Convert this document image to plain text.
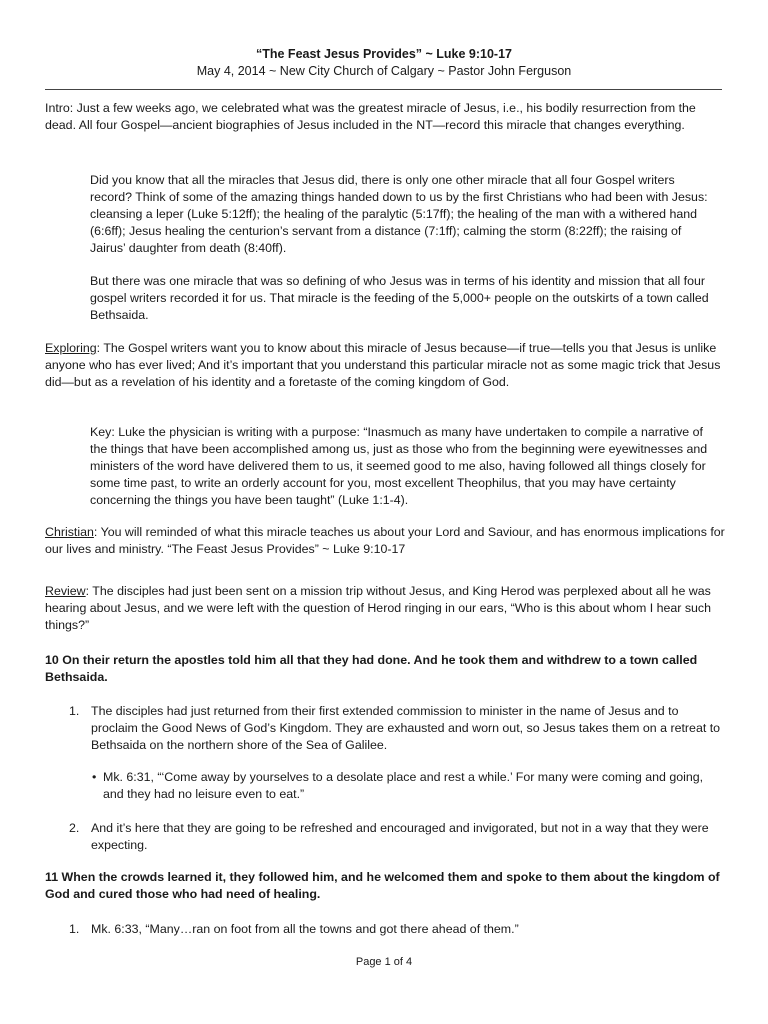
“The Feast Jesus Provides” ~ Luke 9:10-17
May 4, 2014 ~ New City Church of Calgary ~ Pastor John Ferguson
Intro: Just a few weeks ago, we celebrated what was the greatest miracle of Jesus, i.e., his bodily resurrection from the dead. All four Gospel—ancient biographies of Jesus included in the NT—record this miracle that changes everything.
Did you know that all the miracles that Jesus did, there is only one other miracle that all four Gospel writers record? Think of some of the amazing things handed down to us by the first Christians who had been with Jesus: cleansing a leper (Luke 5:12ff); the healing of the paralytic (5:17ff); the healing of the man with a withered hand (6:6ff); Jesus healing the centurion’s servant from a distance (7:1ff); calming the storm (8:22ff); the raising of Jairus’ daughter from death (8:40ff).
But there was one miracle that was so defining of who Jesus was in terms of his identity and mission that all four gospel writers recorded it for us. That miracle is the feeding of the 5,000+ people on the outskirts of a town called Bethsaida.
Exploring: The Gospel writers want you to know about this miracle of Jesus because—if true—tells you that Jesus is unlike anyone who has ever lived; And it’s important that you understand this particular miracle not as some magic trick that Jesus did—but as a revelation of his identity and a foretaste of the coming kingdom of God.
Key: Luke the physician is writing with a purpose: “Inasmuch as many have undertaken to compile a narrative of the things that have been accomplished among us, just as those who from the beginning were eyewitnesses and ministers of the word have delivered them to us, it seemed good to me also, having followed all things closely for some time past, to write an orderly account for you, most excellent Theophilus, that you may have certainty concerning the things you have been taught” (Luke 1:1-4).
Christian: You will reminded of what this miracle teaches us about your Lord and Saviour, and has enormous implications for our lives and ministry. “The Feast Jesus Provides” ~ Luke 9:10-17
Review: The disciples had just been sent on a mission trip without Jesus, and King Herod was perplexed about all he was hearing about Jesus, and we were left with the question of Herod ringing in our ears, “Who is this about whom I hear such things?”
10 On their return the apostles told him all that they had done. And he took them and withdrew to a town called Bethsaida.
1. The disciples had just returned from their first extended commission to minister in the name of Jesus and to proclaim the Good News of God’s Kingdom. They are exhausted and worn out, so Jesus takes them on a retreat to Bethsaida on the northern shore of the Sea of Galilee.
• Mk. 6:31, “‘Come away by yourselves to a desolate place and rest a while.’ For many were coming and going, and they had no leisure even to eat.”
2. And it’s here that they are going to be refreshed and encouraged and invigorated, but not in a way that they were expecting.
11 When the crowds learned it, they followed him, and he welcomed them and spoke to them about the kingdom of God and cured those who had need of healing.
1. Mk. 6:33, “Many…ran on foot from all the towns and got there ahead of them.”
Page 1 of 4
